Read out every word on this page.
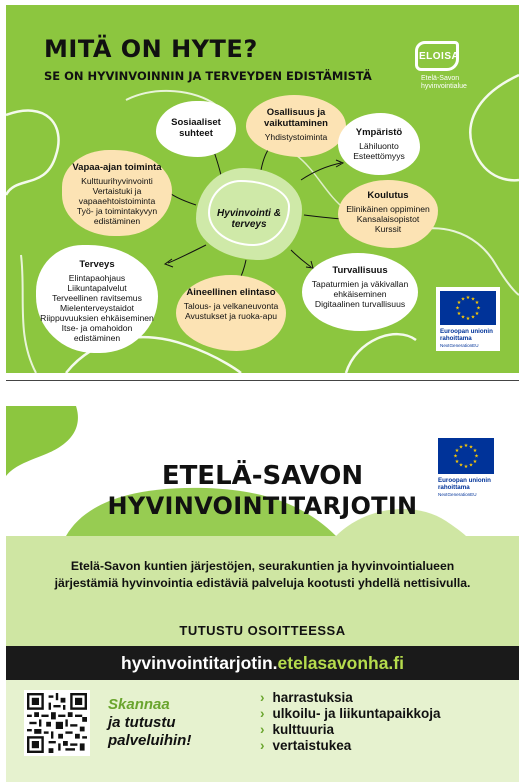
MITÄ ON HYTE?
SE ON HYVINVOINNIN JA TERVEYDEN EDISTÄMISTÄ
ELOISA
Etelä-Savon hyvinvointialue
Hyvinvointi & terveys
Sosiaaliset suhteet
Osallisuus ja vaikuttaminen
Yhdistystoiminta	Ympäristö
Lähiluonto
Esteettömyys
Vapaa-ajan toiminta
Kulttuurihyvinvointi
Vertaistuki ja vapaaehtoistoiminta
Työ- ja toimintakyvyn edistäminen
Koulutus
Elinikäinen oppiminen
Kansalaisopistot
Kurssit
Terveys
Elintapaohjaus
Liikuntapalvelut
Terveellinen ravitsemus
Mielenterveystaidot
Riippuvuuksien ehkäiseminen
Itse- ja omahoidon edistäminen
Aineellinen elintaso
Talous- ja velkaneuvonta
Avustukset ja ruoka-apu
Turvallisuus
Tapaturmien ja väkivallan ehkäiseminen
Digitaalinen turvallisuus
★ ★
★
★
★
★
★
★
★
★
★
★
Euroopan unionin rahoittama
NextGenerationEU
★ ★
★
★
★
★
★
★
★
★
★
★
Euroopan unionin rahoittama
NextGenerationEU
ETELÄ-SAVON
HYVINVOINTITARJOTIN
Etelä-Savon kuntien järjestöjen, seurakuntien ja hyvinvointialueen järjestämiä hyvinvointia edistäviä palveluja kootusti yhdellä nettisivulla.
TUTUSTU OSOITTEESSA
hyvinvointitarjotin.etelasavonha.fi
Skannaa
ja tutustu
palveluihin!
› harrastuksia
› ulkoilu- ja liikuntapaikkoja
› kulttuuria
› vertaistukea
